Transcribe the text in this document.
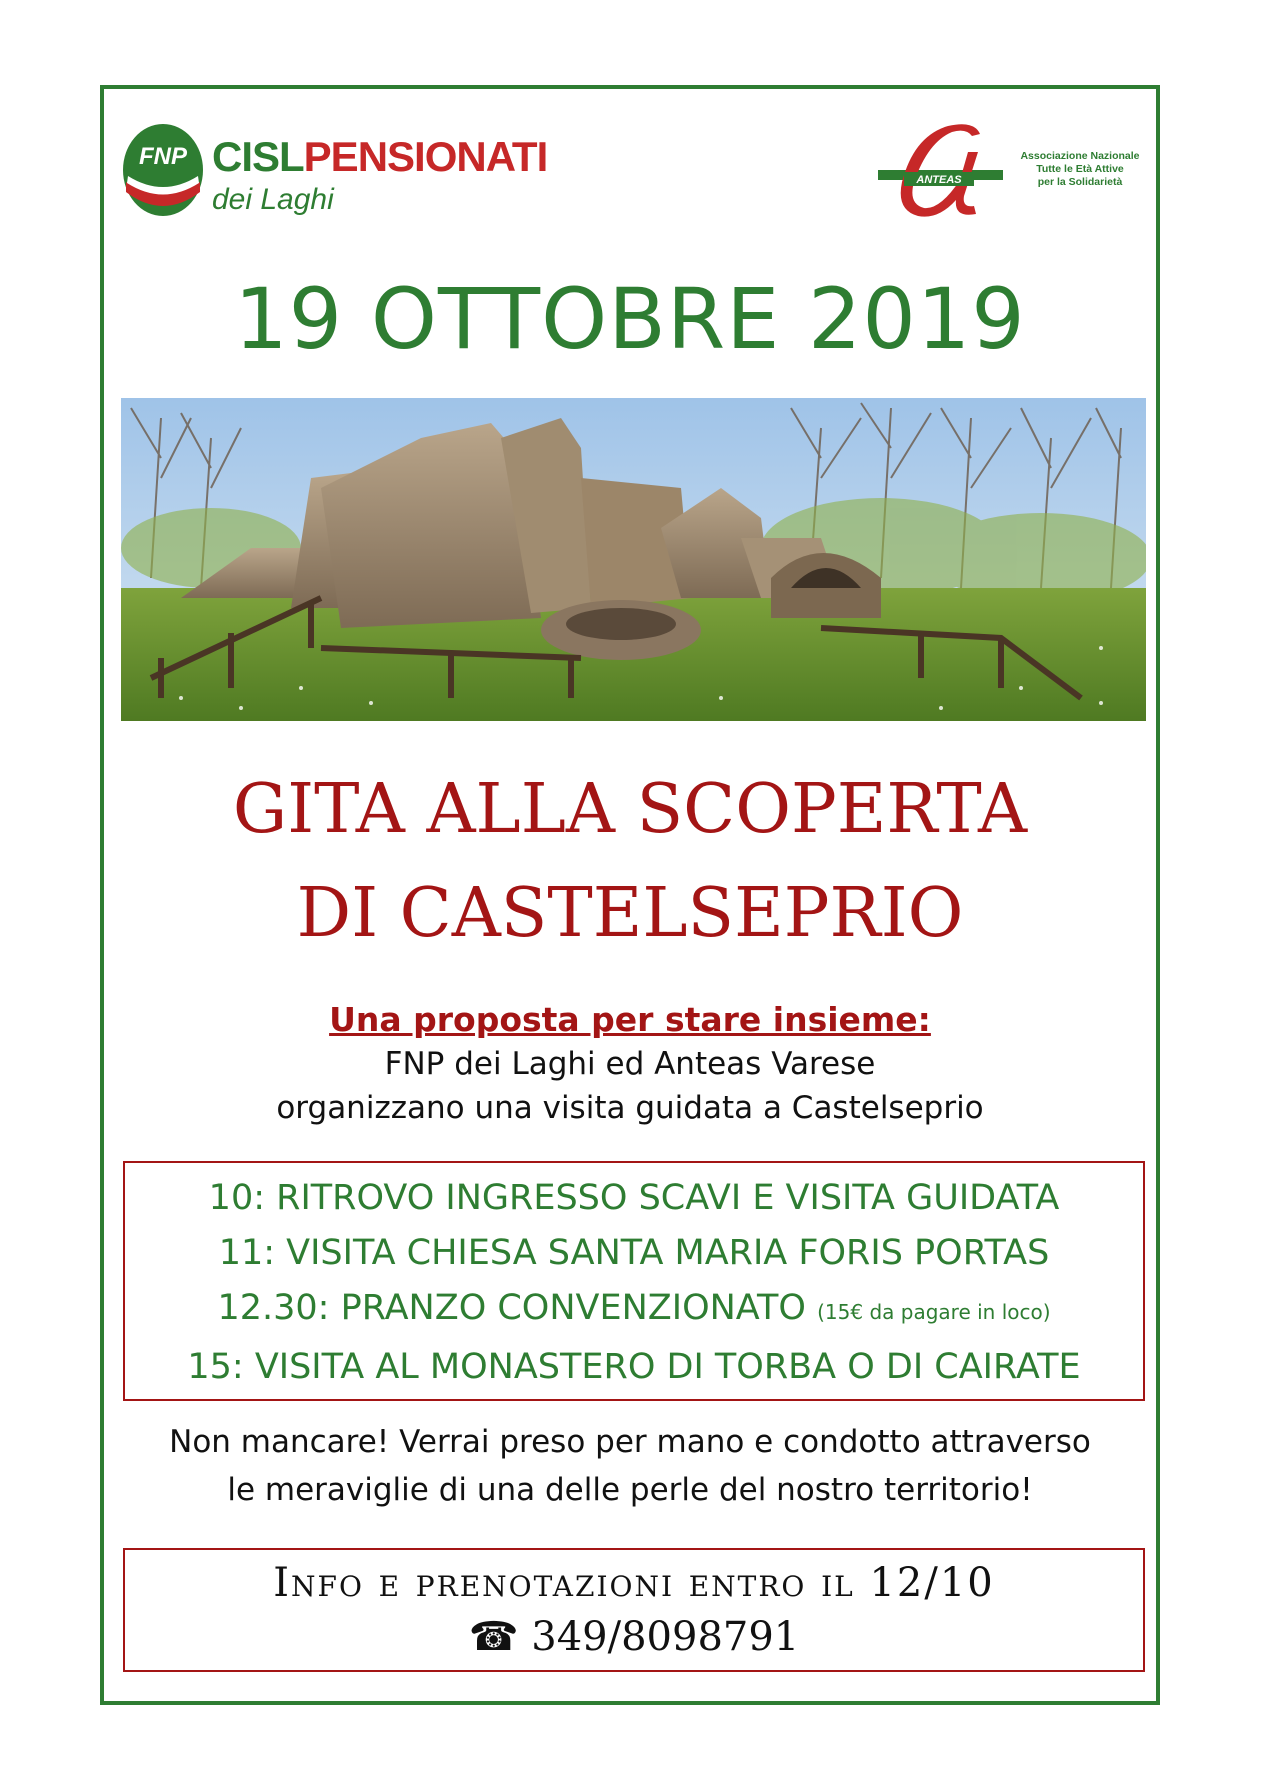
FNP CISLPENSIONATI
dei Laghi
ANTEAS
Associazione Nazionale
Tutte le Età Attive
per la Solidarietà
19 OTTOBRE 2019
GITA ALLA SCOPERTA
DI CASTELSEPRIO
Una proposta per stare insieme:
FNP dei Laghi ed Anteas Varese
organizzano una visita guidata a Castelseprio
10: RITROVO INGRESSO SCAVI E VISITA GUIDATA
11: VISITA CHIESA SANTA MARIA FORIS PORTAS
12.30: PRANZO CONVENZIONATO (15€ da pagare in loco)
15: VISITA AL MONASTERO DI TORBA O DI CAIRATE
Non mancare! Verrai preso per mano e condotto attraverso
le meraviglie di una delle perle del nostro territorio!
Info e prenotazioni entro il 12/10
☎ 349/8098791
